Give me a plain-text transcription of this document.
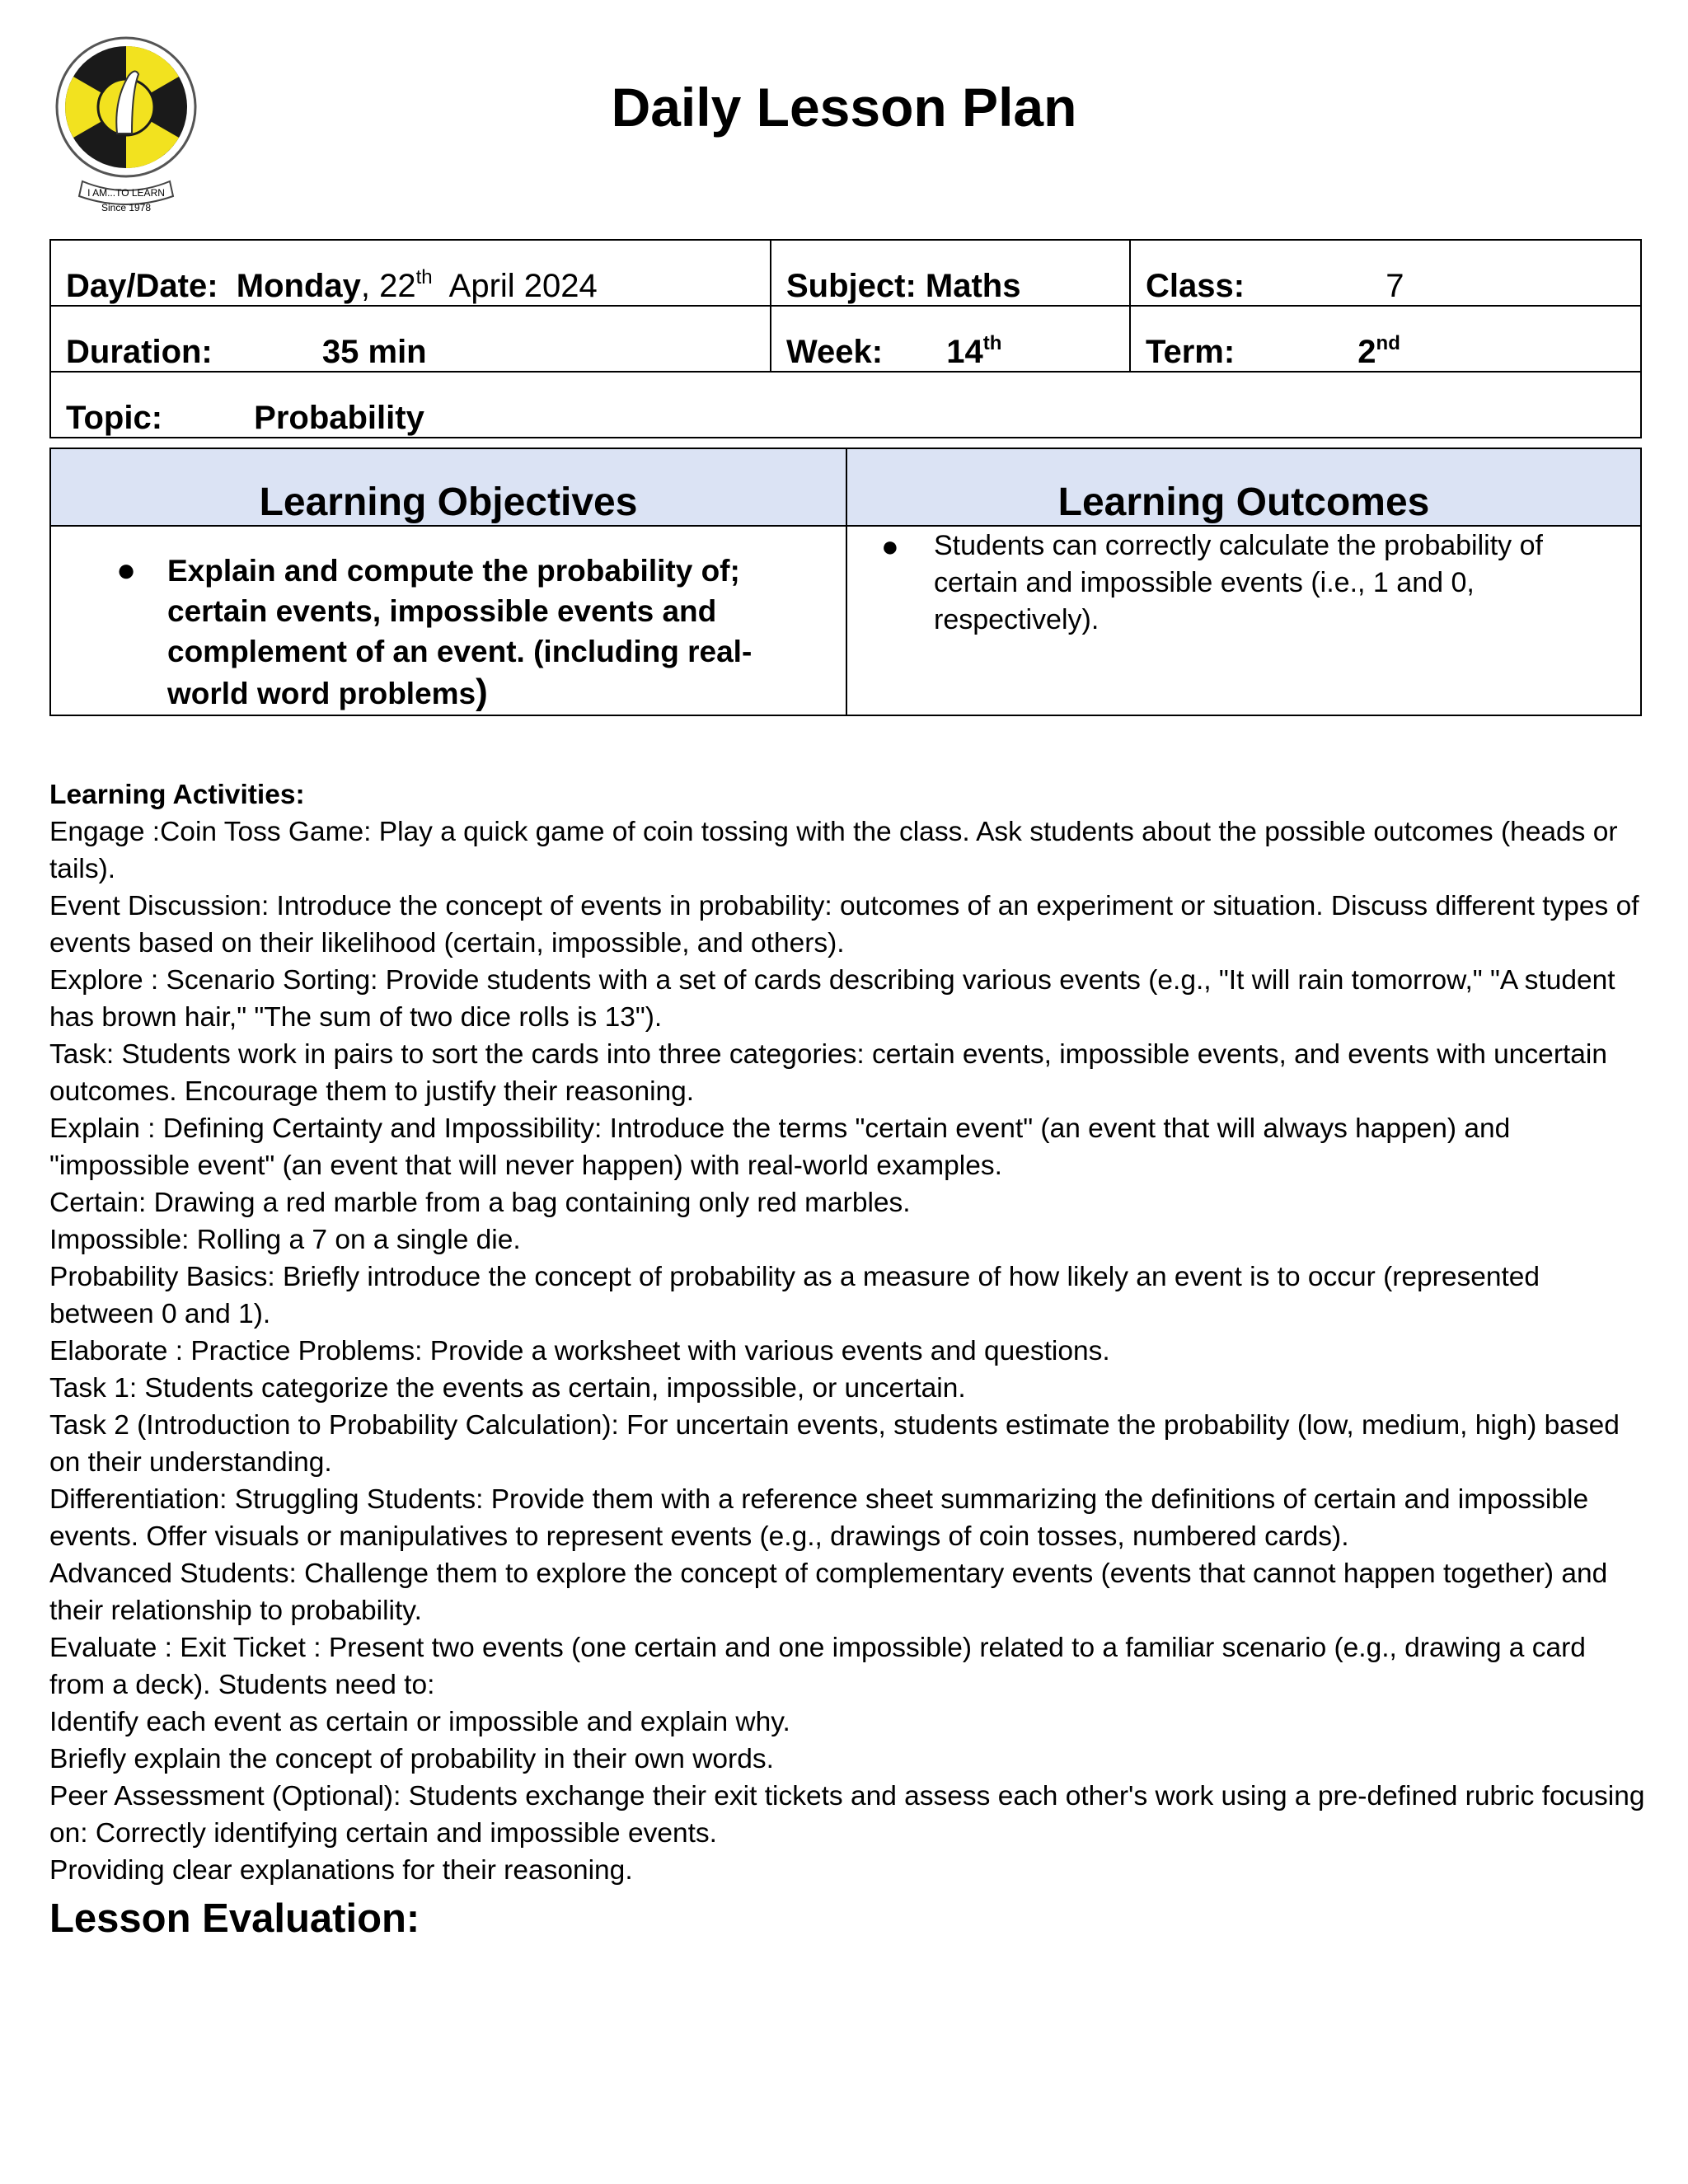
I AM...TO LEARN
Since 1978
Daily Lesson Plan
Day/Date: Monday, 22th April 2024	Subject: Maths	Class: 7
Duration: 35 min	Week: 14th	Term: 2nd
Topic: Probability		
Learning Objectives	Learning Outcomes

● Explain and compute the probability of; certain events, impossible events and complement of an event. (including real-world word problems)	● Students can correctly calculate the probability of certain and impossible events (i.e., 1 and 0, respectively).

Learning Activities:

Engage :Coin Toss Game: Play a quick game of coin tossing with the class. Ask students about the possible outcomes (heads or tails).

Event Discussion: Introduce the concept of events in probability: outcomes of an experiment or situation. Discuss different types of events based on their likelihood (certain, impossible, and others).

Explore : Scenario Sorting: Provide students with a set of cards describing various events (e.g., "It will rain tomorrow," "A student has brown hair," "The sum of two dice rolls is 13").

Task: Students work in pairs to sort the cards into three categories: certain events, impossible events, and events with uncertain outcomes. Encourage them to justify their reasoning.

Explain : Defining Certainty and Impossibility: Introduce the terms "certain event" (an event that will always happen) and "impossible event" (an event that will never happen) with real-world examples.

Certain: Drawing a red marble from a bag containing only red marbles.

Impossible: Rolling a 7 on a single die.

Probability Basics: Briefly introduce the concept of probability as a measure of how likely an event is to occur (represented between 0 and 1).

Elaborate : Practice Problems: Provide a worksheet with various events and questions.

Task 1: Students categorize the events as certain, impossible, or uncertain.

Task 2 (Introduction to Probability Calculation): For uncertain events, students estimate the probability (low, medium, high) based on their understanding.

Differentiation: Struggling Students: Provide them with a reference sheet summarizing the definitions of certain and impossible events. Offer visuals or manipulatives to represent events (e.g., drawings of coin tosses, numbered cards).

Advanced Students: Challenge them to explore the concept of complementary events (events that cannot happen together) and their relationship to probability.

Evaluate : Exit Ticket : Present two events (one certain and one impossible) related to a familiar scenario (e.g., drawing a card from a deck). Students need to:

Identify each event as certain or impossible and explain why.

Briefly explain the concept of probability in their own words.

Peer Assessment (Optional): Students exchange their exit tickets and assess each other's work using a pre-defined rubric focusing on: Correctly identifying certain and impossible events.

Providing clear explanations for their reasoning.

Lesson Evaluation:
